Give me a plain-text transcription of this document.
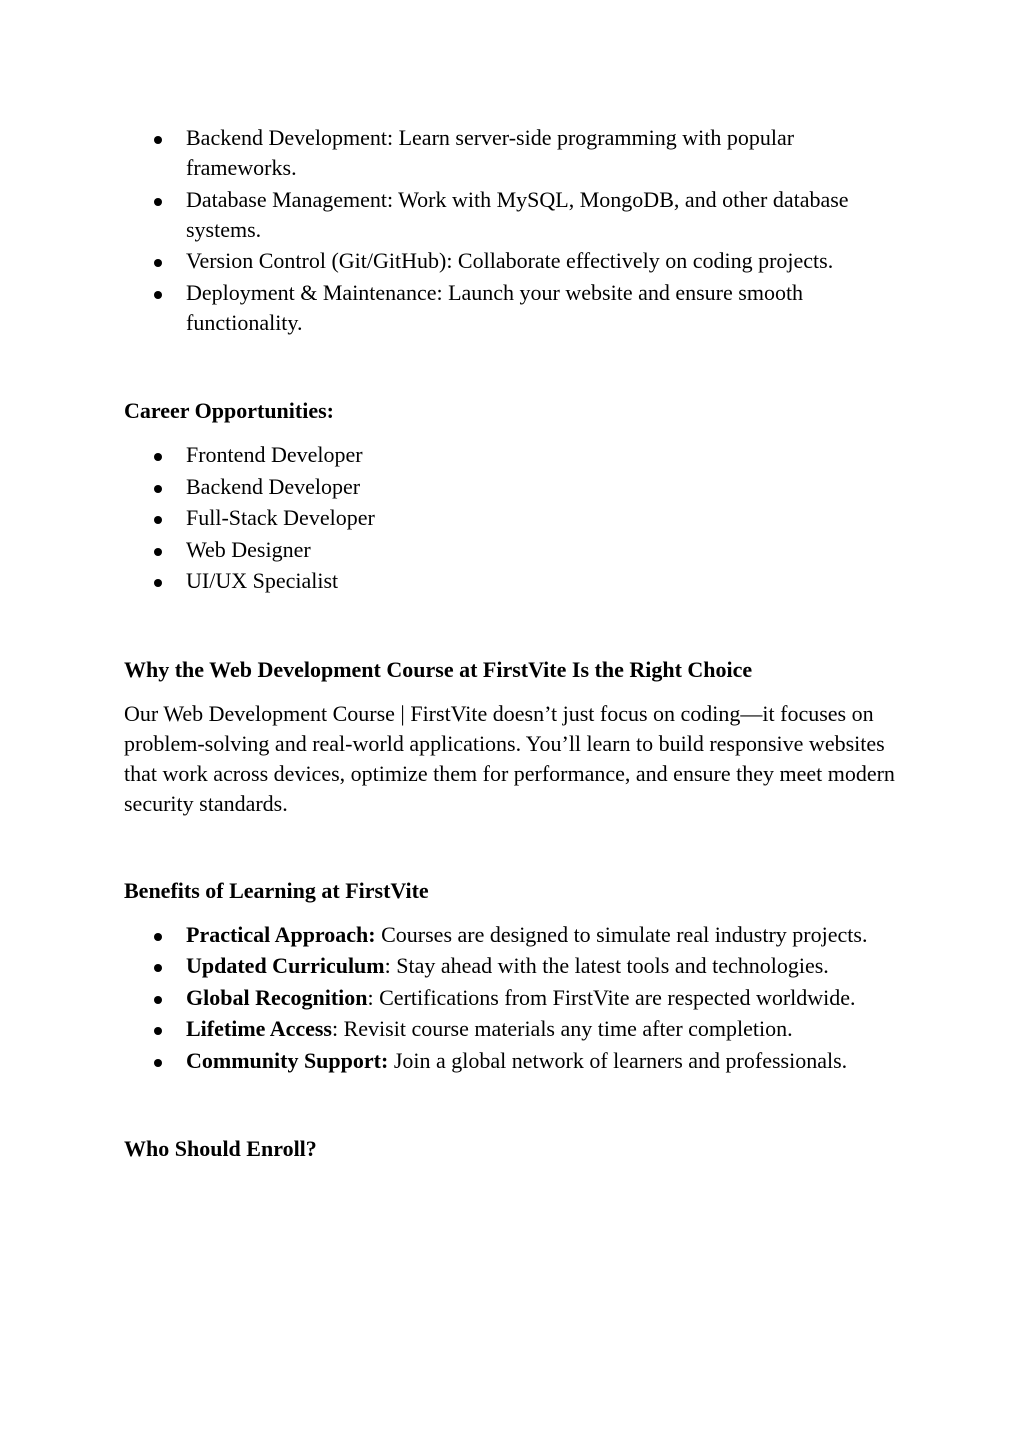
Backend Development: Learn server-side programming with popular frameworks.
Database Management: Work with MySQL, MongoDB, and other database systems.
Version Control (Git/GitHub): Collaborate effectively on coding projects.
Deployment & Maintenance: Launch your website and ensure smooth functionality.
Career Opportunities:
Frontend Developer
Backend Developer
Full-Stack Developer
Web Designer
UI/UX Specialist
Why the Web Development Course at FirstVite Is the Right Choice

Our Web Development Course | FirstVite doesn’t just focus on coding—it focuses on problem-solving and real-world applications. You’ll learn to build responsive websites that work across devices, optimize them for performance, and ensure they meet modern security standards.

Benefits of Learning at FirstVite
Practical Approach: Courses are designed to simulate real industry projects.
Updated Curriculum: Stay ahead with the latest tools and technologies.
Global Recognition: Certifications from FirstVite are respected worldwide.
Lifetime Access: Revisit course materials any time after completion.
Community Support: Join a global network of learners and professionals.
Who Should Enroll?
